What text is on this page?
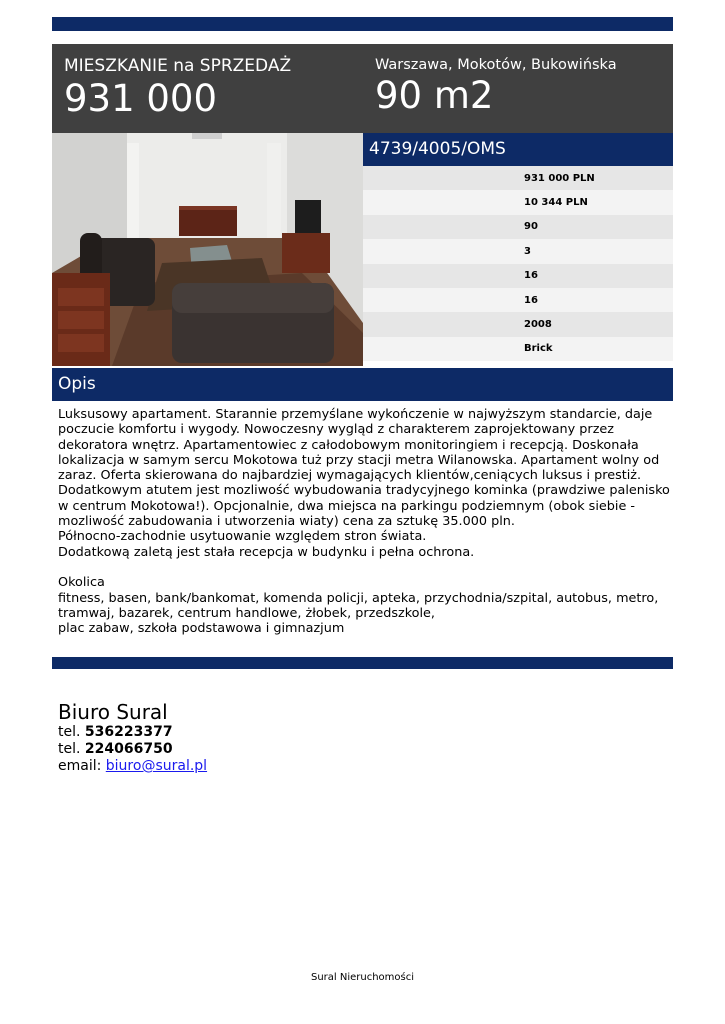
MIESZKANIE na SPRZEDAŻ
931 000
Warszawa, Mokotów, Bukowińska
90 m2
4739/4005/OMS
931 000 PLN
10 344 PLN
90
3
16
16
2008
Brick
Opis

Luksusowy apartament. Starannie przemyślane wykończenie w najwyższym standarcie, daje poczucie komfortu i wygody. Nowoczesny wygląd z charakterem zaprojektowany przez dekoratora wnętrz. Apartamentowiec z całodobowym monitoringiem i recepcją. Doskonała lokalizacja w samym sercu Mokotowa tuż przy stacji metra Wilanowska. Apartament wolny od zaraz. Oferta skierowana do najbardziej wymagających klientów,ceniących luksus i prestiż. Dodatkowym atutem jest mozliwość wybudowania tradycyjnego kominka (prawdziwe palenisko w centrum Mokotowa!). Opcjonalnie, dwa miejsca na parkingu podziemnym (obok siebie - mozliwość zabudowania i utworzenia wiaty) cena za sztukę 35.000 pln.

Północno-zachodnie usytuowanie względem stron świata.

Dodatkową zaletą jest stała recepcja w budynku i pełna ochrona.

Okolica

fitness, basen, bank/bankomat, komenda policji, apteka, przychodnia/szpital, autobus, metro, tramwaj, bazarek, centrum handlowe, żłobek, przedszkole,

plac zabaw, szkoła podstawowa i gimnazjum

Biuro Sural
tel. 536223377
tel. 224066750
email: biuro@sural.pl
Sural Nieruchomości
